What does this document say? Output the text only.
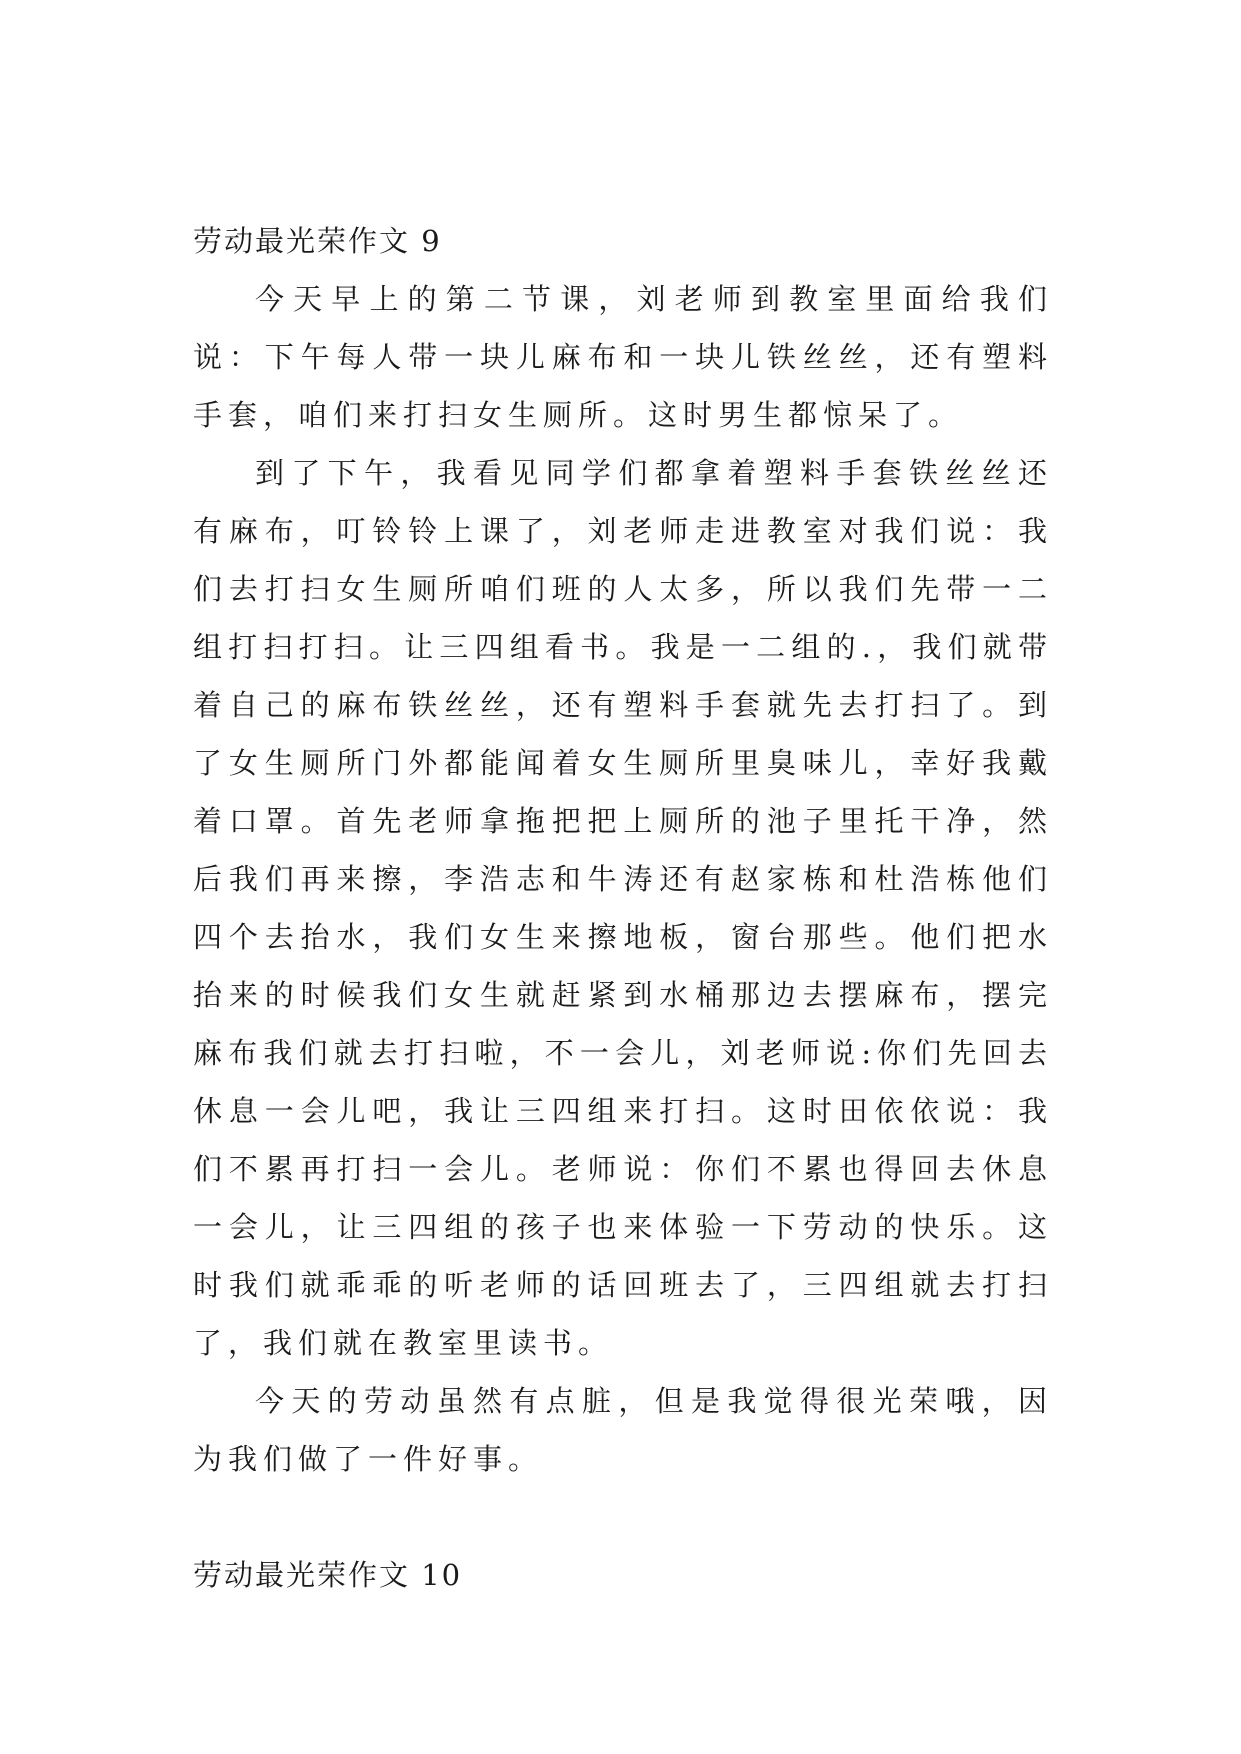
劳动最光荣作文 9

今天早上的第二节课，刘老师到教室里面给我们说：下午每人带一块儿麻布和一块儿铁丝丝，还有塑料手套，咱们来打扫女生厕所。这时男生都惊呆了。

到了下午，我看见同学们都拿着塑料手套铁丝丝还有麻布，叮铃铃上课了，刘老师走进教室对我们说：我们去打扫女生厕所咱们班的人太多，所以我们先带一二组打扫打扫。让三四组看书。我是一二组的.，我们就带着自己的麻布铁丝丝，还有塑料手套就先去打扫了。到了女生厕所门外都能闻着女生厕所里臭味儿，幸好我戴着口罩。首先老师拿拖把把上厕所的池子里托干净，然后我们再来擦，李浩志和牛涛还有赵家栋和杜浩栋他们四个去抬水，我们女生来擦地板，窗台那些。他们把水抬来的时候我们女生就赶紧到水桶那边去摆麻布，摆完麻布我们就去打扫啦，不一会儿，刘老师说:你们先回去休息一会儿吧，我让三四组来打扫。这时田依依说：我们不累再打扫一会儿。老师说：你们不累也得回去休息一会儿，让三四组的孩子也来体验一下劳动的快乐。这时我们就乖乖的听老师的话回班去了，三四组就去打扫了，我们就在教室里读书。

今天的劳动虽然有点脏，但是我觉得很光荣哦，因为我们做了一件好事。

劳动最光荣作文 10
